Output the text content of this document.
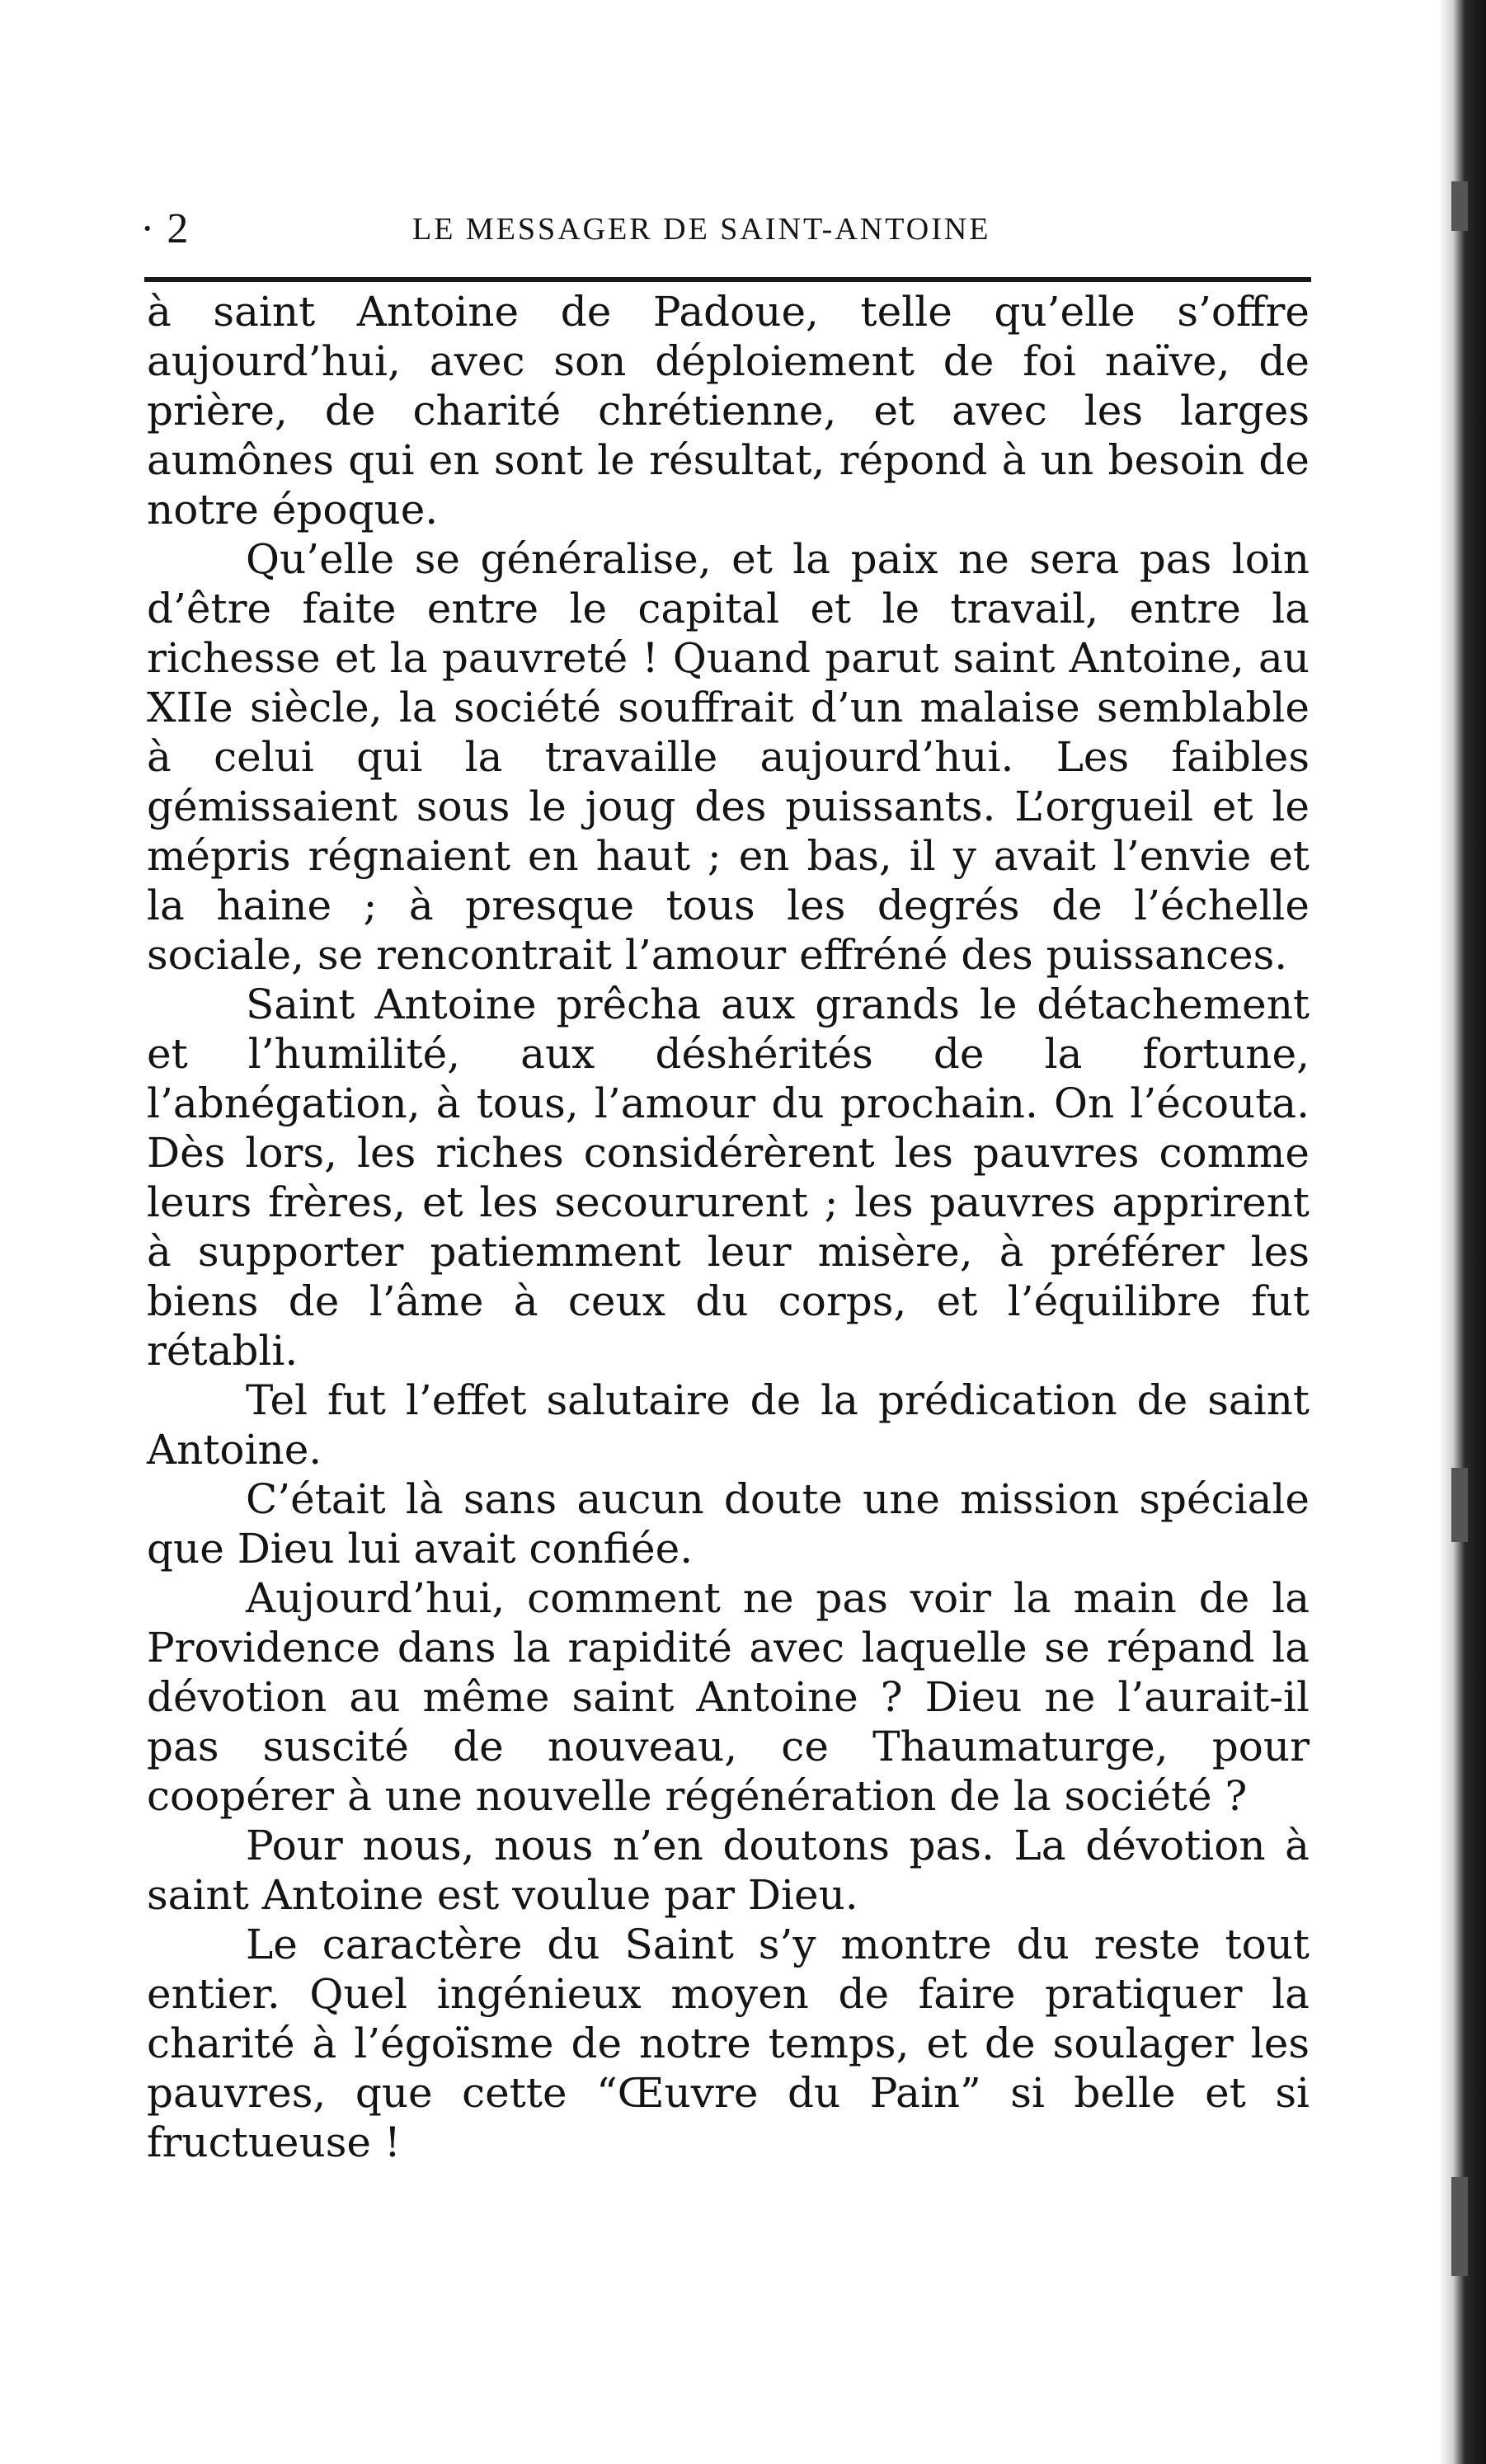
· 2	LE MESSAGER DE SAINT-ANTOINE

à saint Antoine de Padoue, telle qu’elle s’offre aujourd’hui, avec son déploiement de foi naïve, de prière, de charité chrétienne, et avec les larges aumônes qui en sont le résultat, répond à un besoin de notre époque.

Qu’elle se généralise, et la paix ne sera pas loin d’être faite entre le capital et le travail, entre la richesse et la pauvreté ! Quand parut saint Antoine, au XIIe siècle, la société souffrait d’un malaise semblable à celui qui la travaille aujourd’hui. Les faibles gémissaient sous le joug des puissants. L’orgueil et le mépris régnaient en haut ; en bas, il y avait l’envie et la haine ; à presque tous les degrés de l’échelle sociale, se rencontrait l’amour effréné des puissances.

Saint Antoine prêcha aux grands le détachement et l’humilité, aux déshérités de la fortune, l’abnégation, à tous, l’amour du prochain. On l’écouta. Dès lors, les riches considérèrent les pauvres comme leurs frères, et les secoururent ; les pauvres apprirent à supporter patiemment leur misère, à préférer les biens de l’âme à ceux du corps, et l’équilibre fut rétabli.

Tel fut l’effet salutaire de la prédication de saint Antoine.

C’était là sans aucun doute une mission spéciale que Dieu lui avait confiée.

Aujourd’hui, comment ne pas voir la main de la Providence dans la rapidité avec laquelle se répand la dévotion au même saint Antoine ? Dieu ne l’aurait-il pas suscité de nouveau, ce Thaumaturge, pour coopérer à une nouvelle régénération de la société ?

Pour nous, nous n’en doutons pas. La dévotion à saint Antoine est voulue par Dieu.

Le caractère du Saint s’y montre du reste tout entier. Quel ingénieux moyen de faire pratiquer la charité à l’égoïsme de notre temps, et de soulager les pauvres, que cette “Œuvre du Pain” si belle et si fructueuse !
